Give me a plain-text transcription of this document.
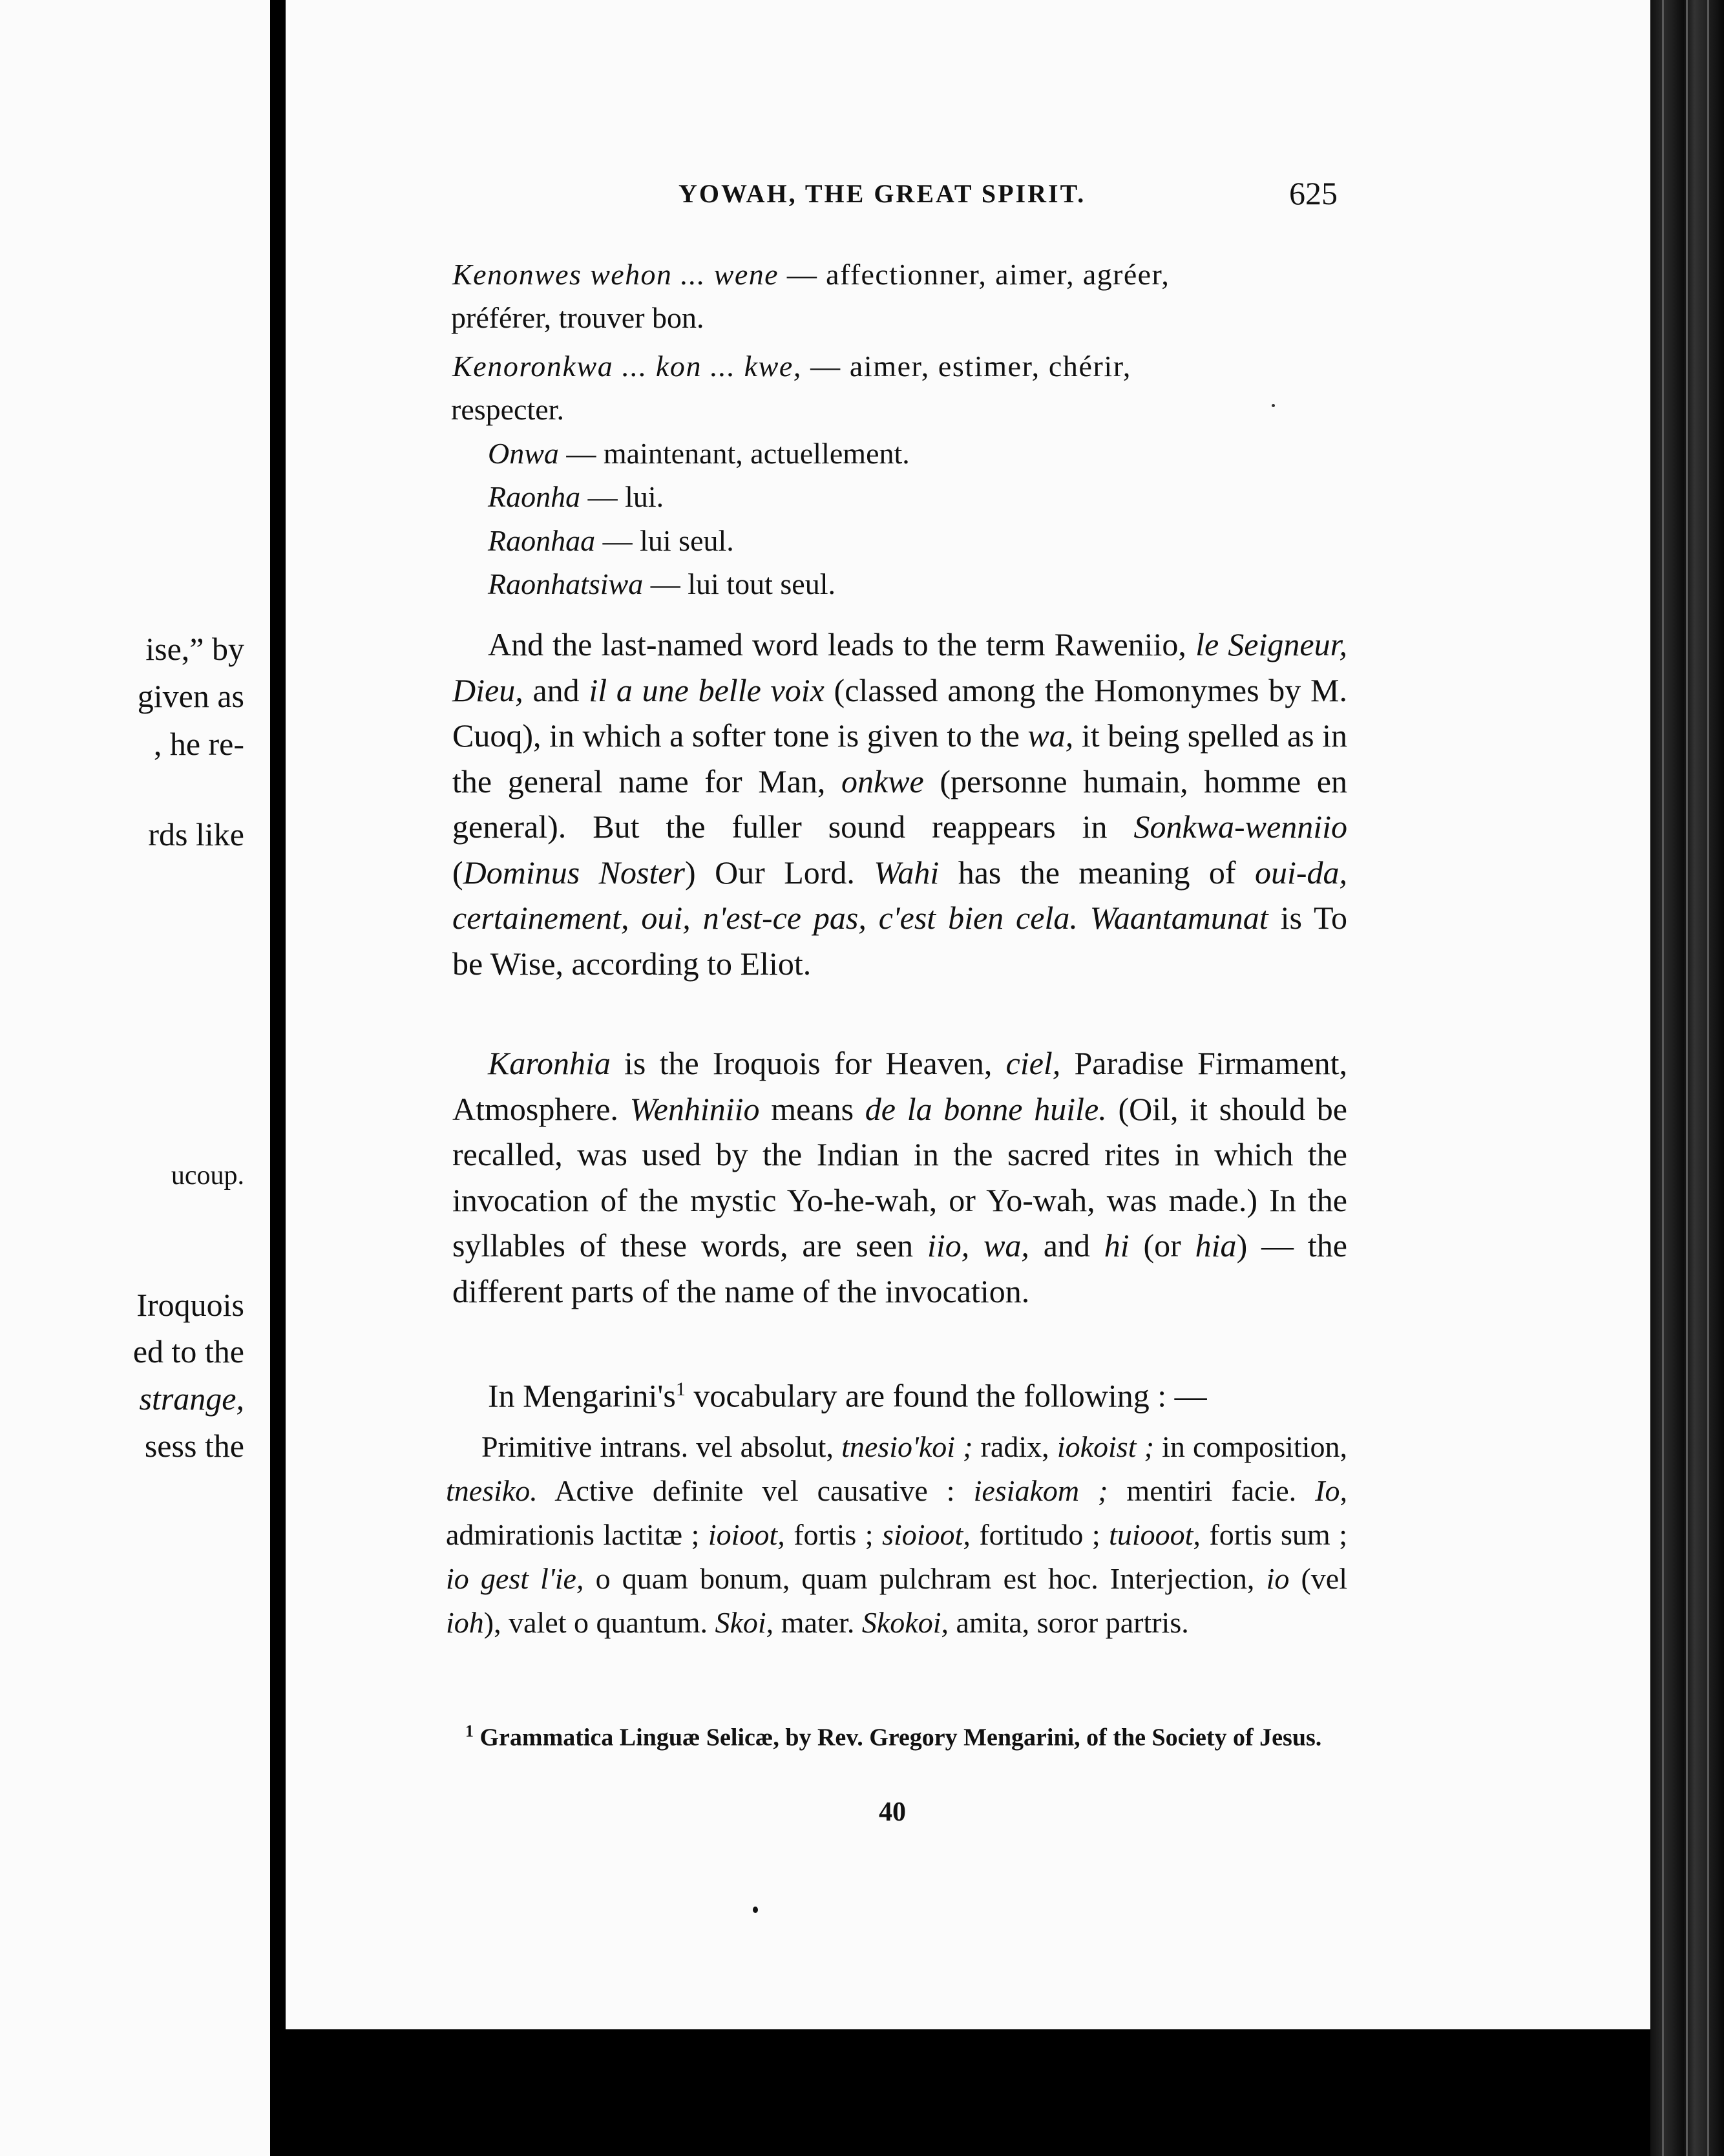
ise,” by
given as
, he re-
rds like
ucoup.
Iroquois
ed to the
strange,
sess the
YOWAH, THE GREAT SPIRIT.	625
Kenonwes wehon ... wene — affectionner, aimer, agréer,
préférer, trouver bon.
Kenoronkwa ... kon ... kwe, — aimer, estimer, chérir,
respecter.
Onwa — maintenant, actuellement.
Raonha — lui.
Raonhaa — lui seul.
Raonhatsiwa — lui tout seul.

And the last-named word leads to the term Raweniio, le Seigneur, Dieu, and il a une belle voix (classed among the Homonymes by M. Cuoq), in which a softer tone is given to the wa, it being spelled as in the general name for Man, onkwe (personne humain, homme en general). But the fuller sound reappears in Sonkwa-wenniio (Dominus Noster) Our Lord. Wahi has the meaning of oui-da, certainement, oui, n'est-ce pas, c'est bien cela. Waantamunat is To be Wise, according to Eliot.

Karonhia is the Iroquois for Heaven, ciel, Paradise Firmament, Atmosphere. Wenhiniio means de la bonne huile. (Oil, it should be recalled, was used by the Indian in the sacred rites in which the invocation of the mystic Yo-he-wah, or Yo-wah, was made.) In the syllables of these words, are seen iio, wa, and hi (or hia) — the different parts of the name of the invocation.

In $Mengarini's^1$ vocabulary are found the following : —

Primitive intrans. vel absolut, tnesio'koi ; radix, iokoist ; in composition, tnesiko. Active definite vel causative : iesiakom ; mentiri facie. Io, admirationis lactitæ ; ioioot, fortis ; sioioot, fortitudo ; tuiooot, fortis sum ; io gest l'ie, o quam bonum, quam pulchram est hoc. Interjection, io (vel ioh), valet o quantum. Skoi, mater. Skokoi, amita, soror partris.

$^1$ Grammatica Linguæ Selicæ, by Rev. Gregory Mengarini, of the Society of Jesus.

40
